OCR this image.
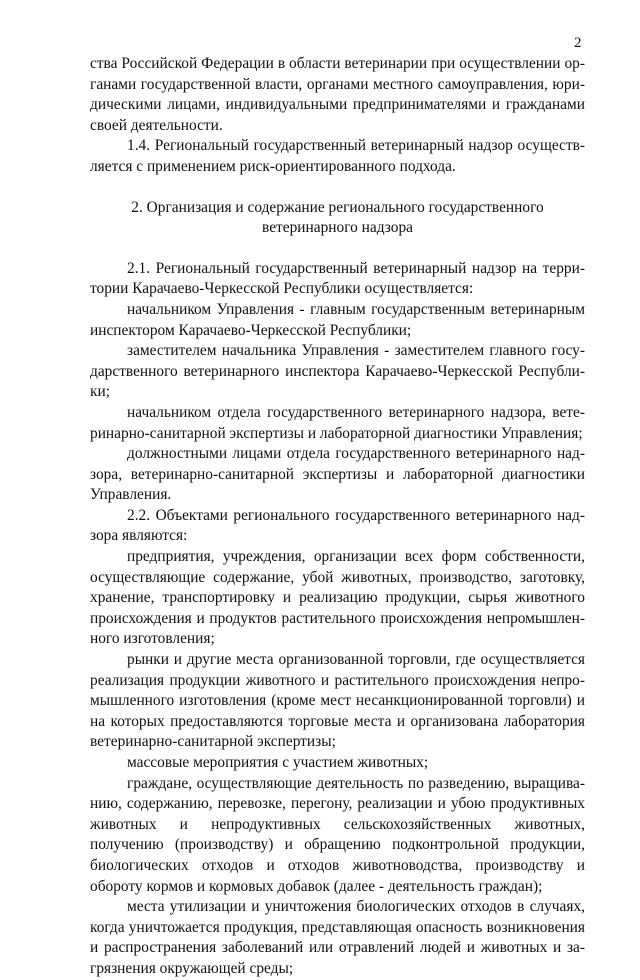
2

ства Российской Федерации в области ветеринарии при осуществлении органами государственной власти, органами местного самоуправления, юридическими лицами, индивидуальными предпринимателями и гражданами своей деятельности.

1.4. Региональный государственный ветеринарный надзор осуществляется с применением риск-ориентированного подхода.

2. Организация и содержание регионального государственного
ветеринарного надзора

2.1. Региональный государственный ветеринарный надзор на территории Карачаево-Черкесской Республики осуществляется:

начальником Управления - главным государственным ветеринарным инспектором Карачаево-Черкесской Республики;

заместителем начальника Управления - заместителем главного государственного ветеринарного инспектора Карачаево-Черкесской Республики;

начальником отдела государственного ветеринарного надзора, ветеринарно-санитарной экспертизы и лабораторной диагностики Управления;

должностными лицами отдела государственного ветеринарного надзора, ветеринарно-санитарной экспертизы и лабораторной диагностики Управления.

2.2. Объектами регионального государственного ветеринарного надзора являются:

предприятия, учреждения, организации всех форм собственности, осуществляющие содержание, убой животных, производство, заготовку, хранение, транспортировку и реализацию продукции, сырья животного происхождения и продуктов растительного происхождения непромышленного изготовления;

рынки и другие места организованной торговли, где осуществляется реализация продукции животного и растительного происхождения непромышленного изготовления (кроме мест несанкционированной торговли) и на которых предоставляются торговые места и организована лаборатория ветеринарно-санитарной экспертизы;

массовые мероприятия с участием животных;

граждане, осуществляющие деятельность по разведению, выращиванию, содержанию, перевозке, перегону, реализации и убою продуктивных животных и непродуктивных сельскохозяйственных животных, получению (производству) и обращению подконтрольной продукции, биологических отходов и отходов животноводства, производству и обороту кормов и кормовых добавок (далее - деятельность граждан);

места утилизации и уничтожения биологических отходов в случаях, когда уничтожается продукция, представляющая опасность возникновения и распространения заболеваний или отравлений людей и животных и загрязнения окружающей среды;
